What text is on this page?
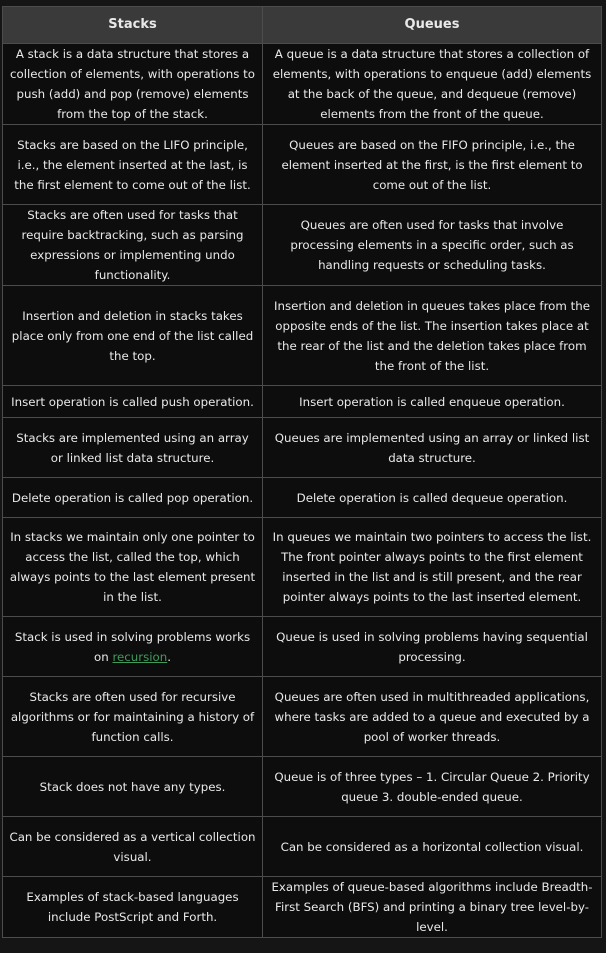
Stacks	Queues
A stack is a data structure that stores a collection of elements, with operations to push (add) and pop (remove) elements from the top of the stack.	A queue is a data structure that stores a collection of elements, with operations to enqueue (add) elements at the back of the queue, and dequeue (remove) elements from the front of the queue.
Stacks are based on the LIFO principle, i.e., the element inserted at the last, is the first element to come out of the list.	Queues are based on the FIFO principle, i.e., the element inserted at the first, is the first element to come out of the list.
Stacks are often used for tasks that require backtracking, such as parsing expressions or implementing undo functionality.	Queues are often used for tasks that involve processing elements in a specific order, such as handling requests or scheduling tasks.
Insertion and deletion in stacks takes place only from one end of the list called the top.	Insertion and deletion in queues takes place from the opposite ends of the list. The insertion takes place at the rear of the list and the deletion takes place from the front of the list.
Insert operation is called push operation.	Insert operation is called enqueue operation.
Stacks are implemented using an array or linked list data structure.	Queues are implemented using an array or linked list data structure.
Delete operation is called pop operation.	Delete operation is called dequeue operation.
In stacks we maintain only one pointer to access the list, called the top, which always points to the last element present in the list.	In queues we maintain two pointers to access the list. The front pointer always points to the first element inserted in the list and is still present, and the rear pointer always points to the last inserted element.
Stack is used in solving problems works on recursion.	Queue is used in solving problems having sequential processing.
Stacks are often used for recursive algorithms or for maintaining a history of function calls.	Queues are often used in multithreaded applications, where tasks are added to a queue and executed by a pool of worker threads.
Stack does not have any types.	Queue is of three types – 1. Circular Queue 2. Priority queue 3. double-ended queue.
Can be considered as a vertical collection visual.	Can be considered as a horizontal collection visual.
Examples of stack-based languages include PostScript and Forth.	Examples of queue-based algorithms include Breadth-First Search (BFS) and printing a binary tree level-by-level.
